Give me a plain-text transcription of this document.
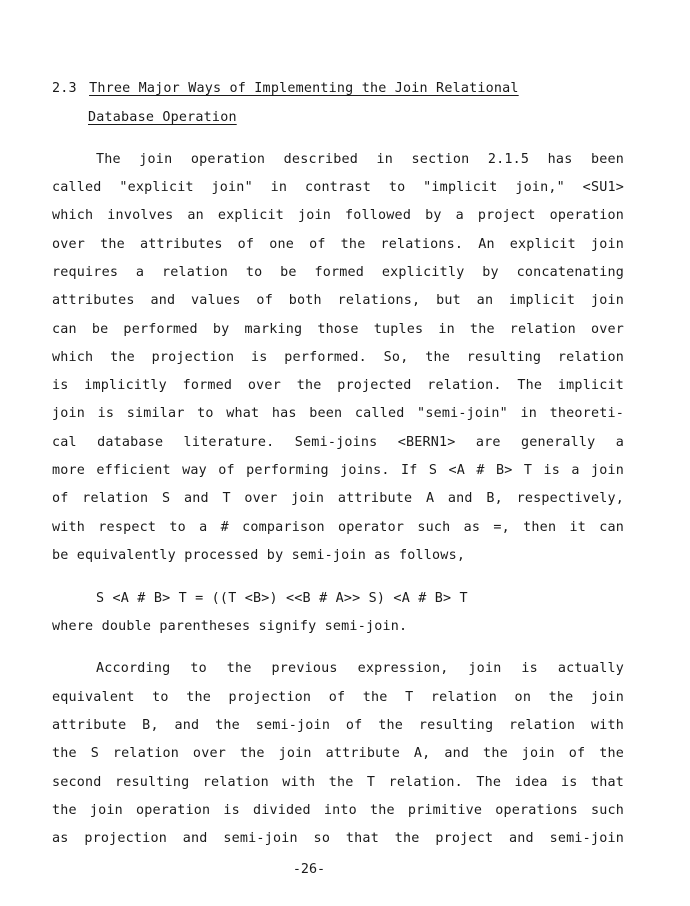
2.3 Three Major Ways of Implementing the Join Relational
Database Operation
The join operation described in section 2.1.5 has been
called "explicit join" in contrast to "implicit join," <SU1>
which involves an explicit join followed by a project operation
over the attributes of one of the relations. An explicit join
requires a relation to be formed explicitly by concatenating
attributes and values of both relations, but an implicit join
can be performed by marking those tuples in the relation over
which the projection is performed. So, the resulting relation
is implicitly formed over the projected relation. The implicit
join is similar to what has been called "semi-join" in theoreti-
cal database literature. Semi-joins <BERN1> are generally a
more efficient way of performing joins. If S <A # B> T is a join
of relation S and T over join attribute A and B, respectively,
with respect to a # comparison operator such as =, then it can
be equivalently processed by semi-join as follows,
S <A # B> T = ((T <B>) <<B # A>> S) <A # B> T
where double parentheses signify semi-join.
According to the previous expression, join is actually
equivalent to the projection of the T relation on the join
attribute B, and the semi-join of the resulting relation with
the S relation over the join attribute A, and the join of the
second resulting relation with the T relation. The idea is that
the join operation is divided into the primitive operations such
as projection and semi-join so that the project and semi-join
-26-
